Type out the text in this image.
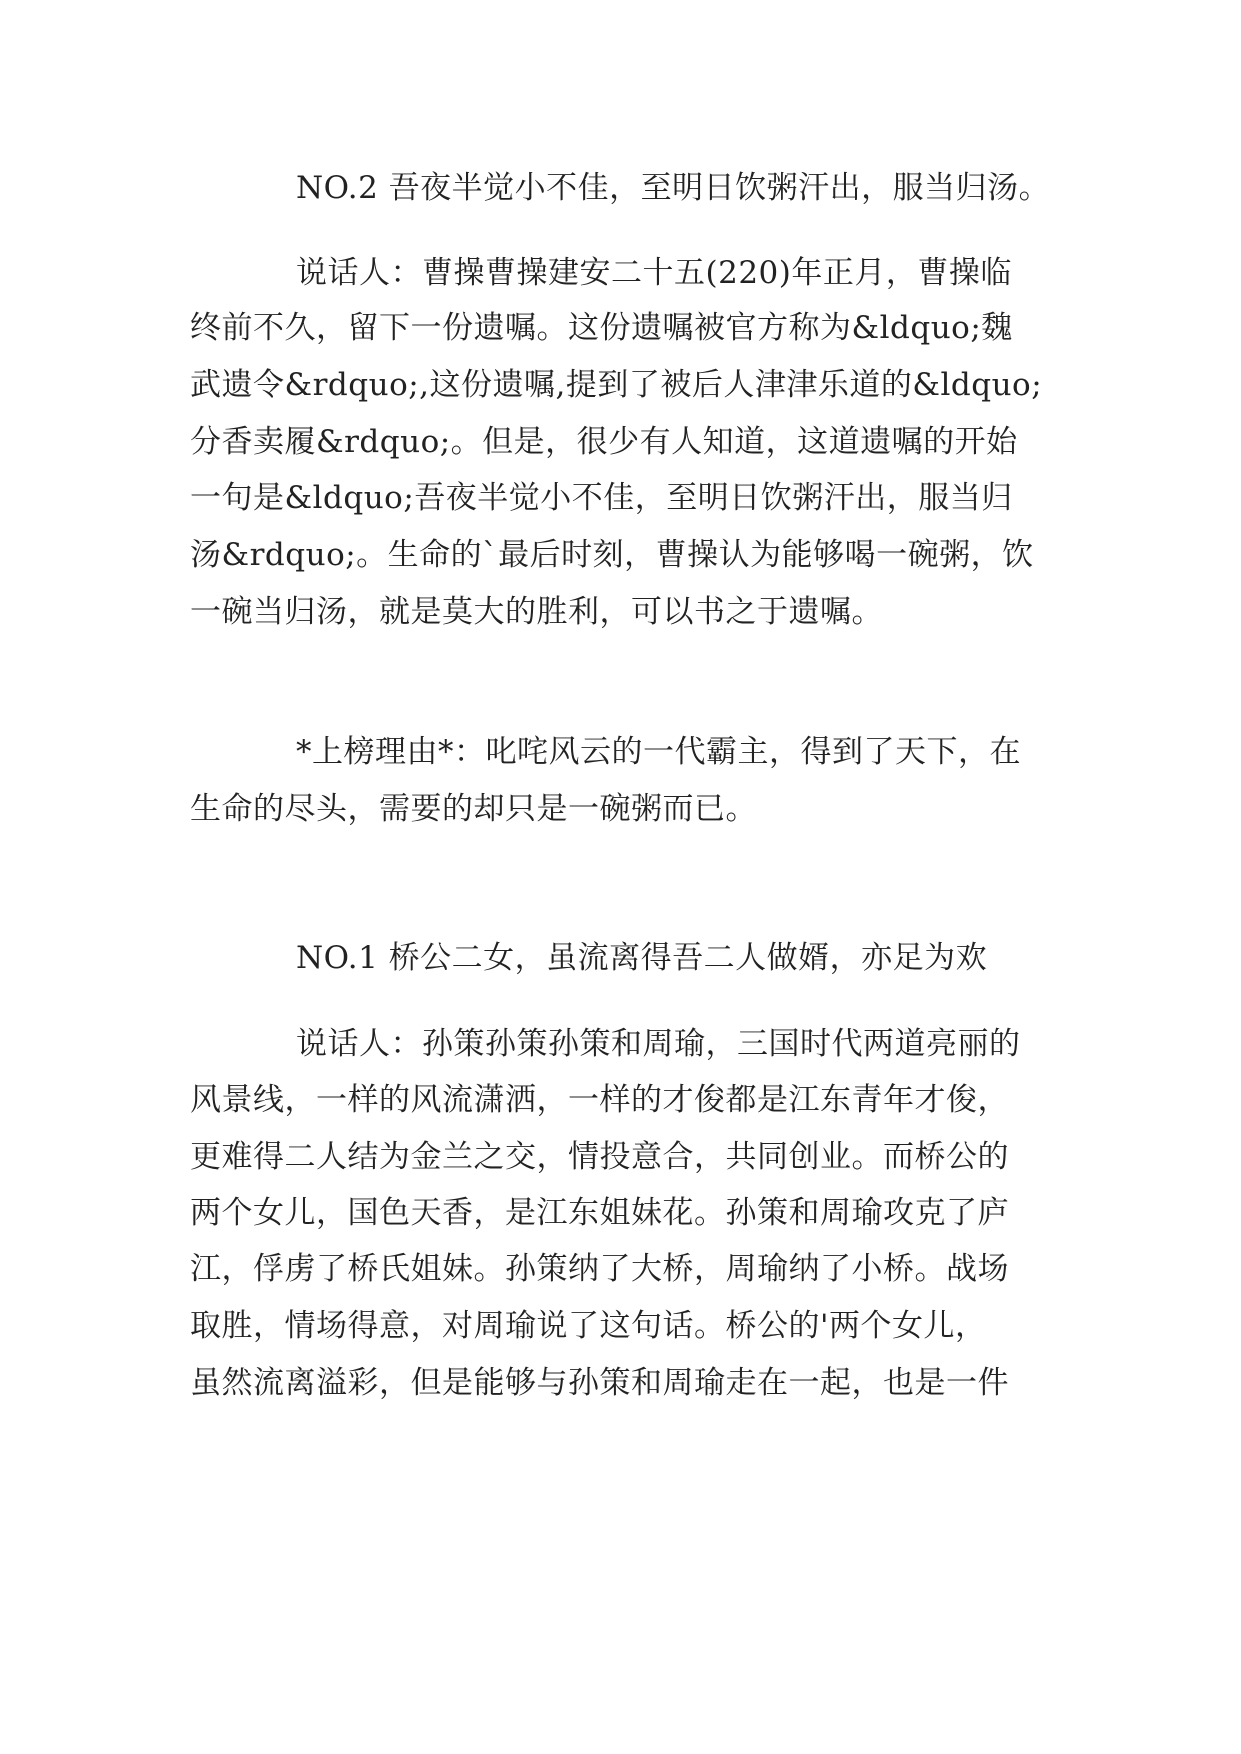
NO.2 吾夜半觉小不佳，至明日饮粥汗出，服当归汤。
说话人：曹操曹操建安二十五(220)年正月，曹操临
终前不久，留下一份遗嘱。这份遗嘱被官方称为&ldquo;魏
武遗令&rdquo;,这份遗嘱,提到了被后人津津乐道的&ldquo;
分香卖履&rdquo;。但是，很少有人知道，这道遗嘱的开始
一句是&ldquo;吾夜半觉小不佳，至明日饮粥汗出，服当归
汤&rdquo;。生命的`最后时刻，曹操认为能够喝一碗粥，饮
一碗当归汤，就是莫大的胜利，可以书之于遗嘱。
*上榜理由*：叱咤风云的一代霸主，得到了天下，在
生命的尽头，需要的却只是一碗粥而已。
NO.1 桥公二女，虽流离得吾二人做婿，亦足为欢
说话人：孙策孙策孙策和周瑜，三国时代两道亮丽的
风景线，一样的风流潇洒，一样的才俊都是江东青年才俊，
更难得二人结为金兰之交，情投意合，共同创业。而桥公的
两个女儿，国色天香，是江东姐妹花。孙策和周瑜攻克了庐
江，俘虏了桥氏姐妹。孙策纳了大桥，周瑜纳了小桥。战场
取胜，情场得意，对周瑜说了这句话。桥公的'两个女儿，
虽然流离溢彩，但是能够与孙策和周瑜走在一起，也是一件
